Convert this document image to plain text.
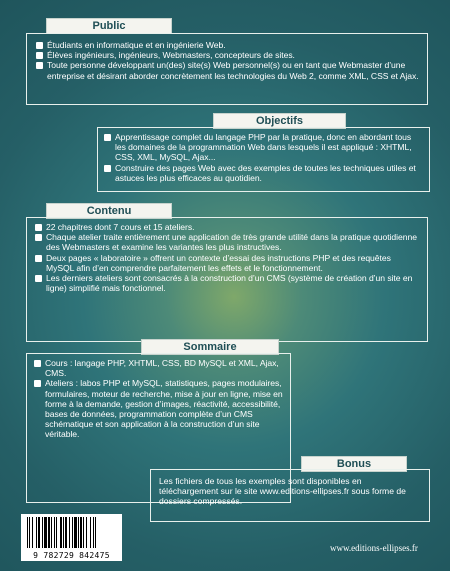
Public
Étudiants en informatique et en ingénierie Web.
Élèves ingénieurs, ingénieurs, Webmasters, concepteurs de sites.
Toute personne développant un(des) site(s) Web personnel(s) ou en tant que Webmaster d’une entreprise et désirant aborder concrètement les technologies du Web 2, comme XML, CSS et Ajax.
Objectifs
Apprentissage complet du langage PHP par la pratique, donc en abordant tous les domaines de la programmation Web dans lesquels il est appliqué : XHTML, CSS, XML, MySQL, Ajax...
Construire des pages Web avec des exemples de toutes les techniques utiles et astuces les plus efficaces au quotidien.
Contenu
22 chapitres dont 7 cours et 15 ateliers.
Chaque atelier traite entièrement une application de très grande utilité dans la pratique quotidienne des Webmasters et examine les variantes les plus instructives.
Deux pages « laboratoire » offrent un contexte d’essai des instructions PHP et des requêtes MySQL afin d’en comprendre parfaitement les effets et le fonctionnement.
Les derniers ateliers sont consacrés à la construction d’un CMS (système de création d’un site en ligne) simplifié mais fonctionnel.
Sommaire
Cours : langage PHP, XHTML, CSS, BD MySQL et XML, Ajax, CMS.
Ateliers : labos PHP et MySQL, statistiques, pages modulaires, formulaires, moteur de recherche, mise à jour en ligne, mise en forme à la demande, gestion d’images, réactivité, accessibilité, bases de données, programmation complète d’un CMS schématique et son application à la construction d’un site véritable.
Bonus
Les fichiers de tous les exemples sont disponibles en téléchargement sur le site www.editions-ellipses.fr sous forme de dossiers compressés.
9 782729 842475
www.editions-ellipses.fr
